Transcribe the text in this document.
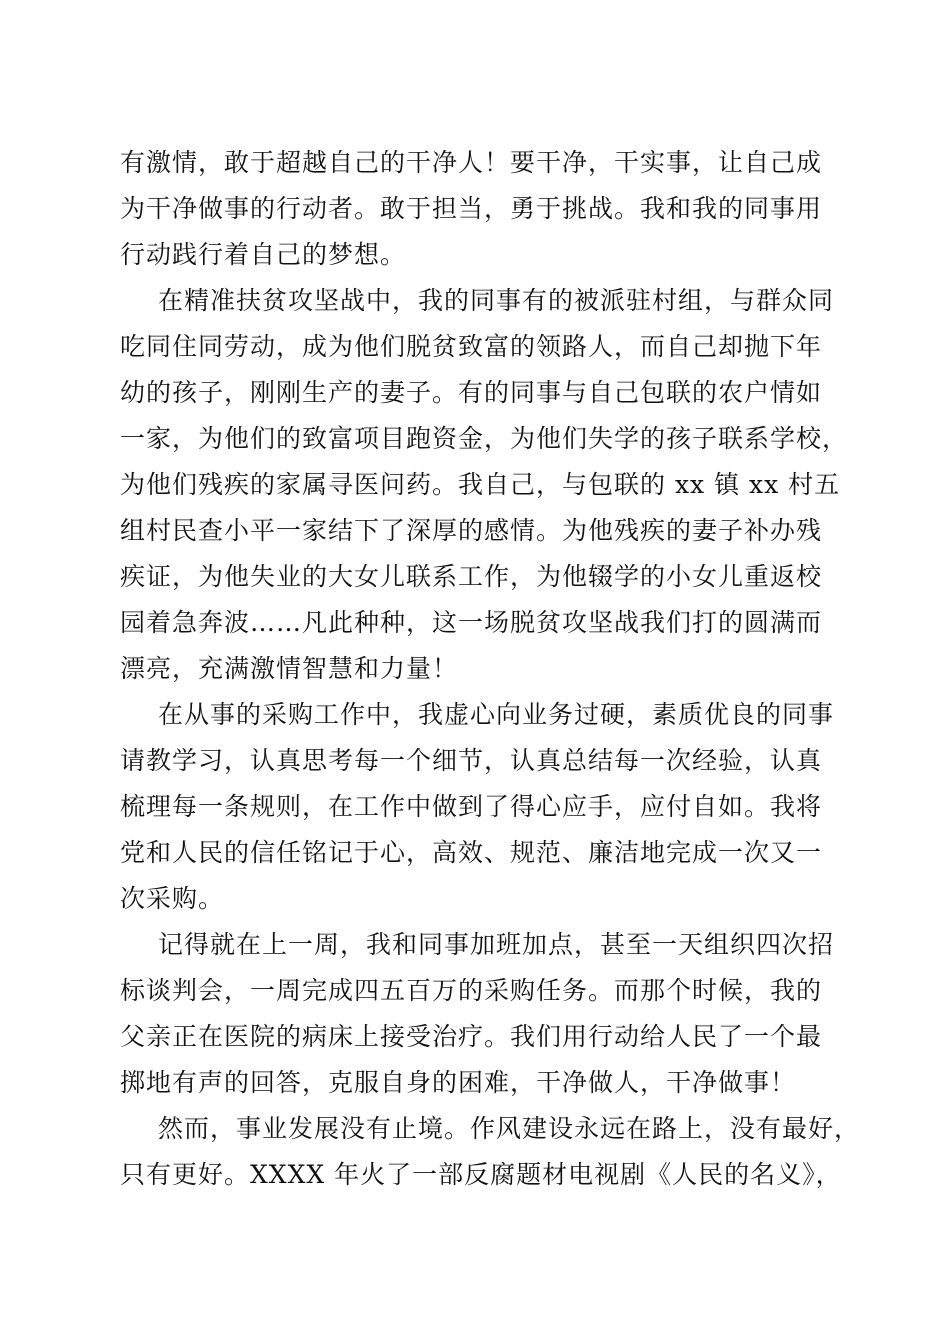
有激情，敢于超越自己的干净人！要干净，干实事，让自己成
为干净做事的行动者。敢于担当，勇于挑战。我和我的同事用
行动践行着自己的梦想。
在精准扶贫攻坚战中，我的同事有的被派驻村组，与群众同
吃同住同劳动，成为他们脱贫致富的领路人，而自己却抛下年
幼的孩子，刚刚生产的妻子。有的同事与自己包联的农户情如
一家，为他们的致富项目跑资金，为他们失学的孩子联系学校，
为他们残疾的家属寻医问药。我自己，与包联的 xx 镇 xx 村五
组村民查小平一家结下了深厚的感情。为他残疾的妻子补办残
疾证，为他失业的大女儿联系工作，为他辍学的小女儿重返校
园着急奔波……凡此种种，这一场脱贫攻坚战我们打的圆满而
漂亮，充满激情智慧和力量！
在从事的采购工作中，我虚心向业务过硬，素质优良的同事
请教学习，认真思考每一个细节，认真总结每一次经验，认真
梳理每一条规则，在工作中做到了得心应手，应付自如。我将
党和人民的信任铭记于心，高效、规范、廉洁地完成一次又一
次采购。
记得就在上一周，我和同事加班加点，甚至一天组织四次招
标谈判会，一周完成四五百万的采购任务。而那个时候，我的
父亲正在医院的病床上接受治疗。我们用行动给人民了一个最
掷地有声的回答，克服自身的困难，干净做人，干净做事！
然而，事业发展没有止境。作风建设永远在路上，没有最好，
只有更好。XXXX 年火了一部反腐题材电视剧《人民的名义》，
